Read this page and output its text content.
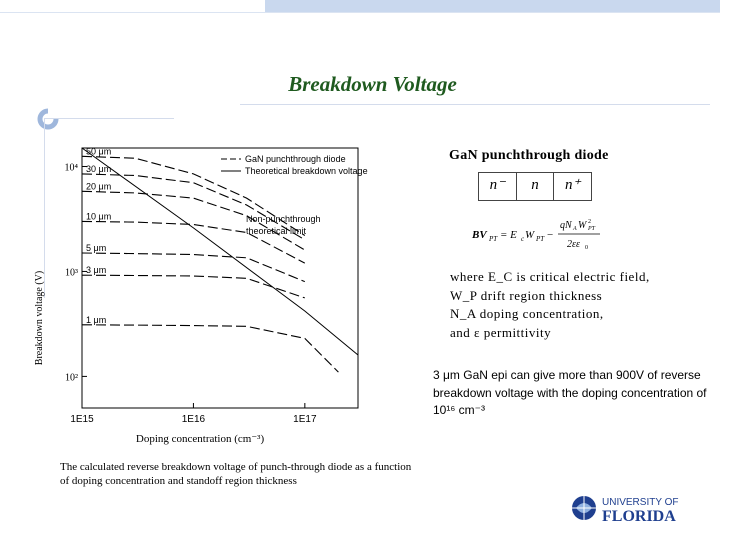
Breakdown Voltage
1E15	1E16	1E17
10⁴
10³
10²
Doping concentration (cm⁻³)
Breakdown voltage (V)
50 μm
30 μm
20 μm
10 μm
5 μm
3 μm
1 μm
GaN punchthrough diode
Theoretical breakdown voltage
Non-punchthrough
theoretical limit
The calculated reverse breakdown voltage of punch-through diode as a function of doping concentration and standoff region thickness
GaN punchthrough diode
n⁻	n	n⁺
BV PT = E c W PT −
qN A W 2
PT
2εε 0
where E_C is critical electric field,
W_P drift region thickness
N_A doping concentration,
and ε permittivity
3 μm GaN epi can give more than 900V of reverse breakdown voltage with the doping concentration of 10¹⁶ cm⁻³
UNIVERSITY OF
FLORIDA
